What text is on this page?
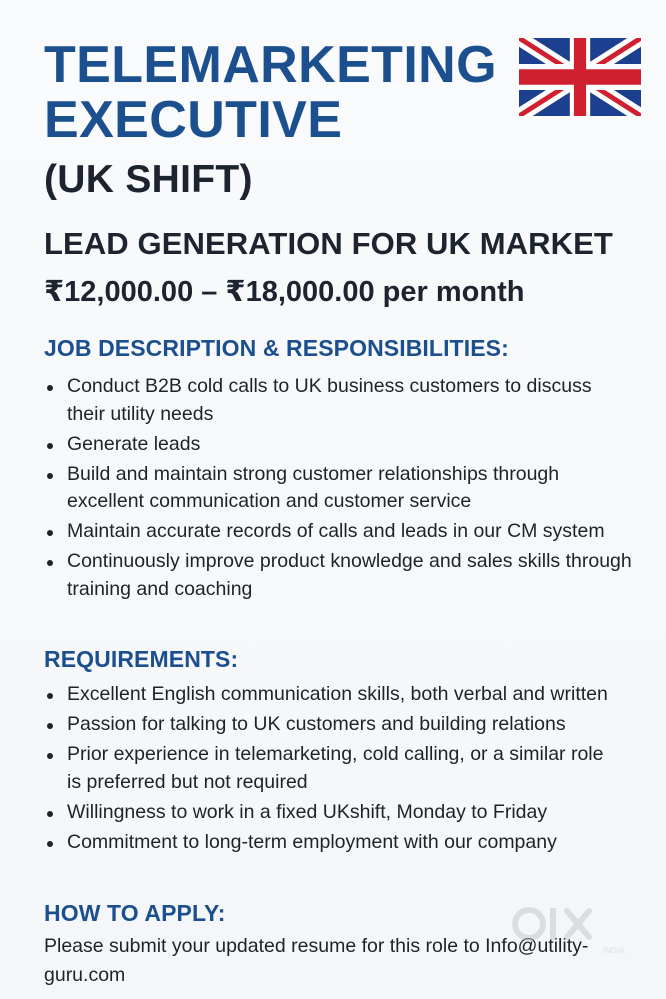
TELEMARKETING EXECUTIVE
(UK SHIFT)
LEAD GENERATION FOR UK MARKET

₹12,000.00 – ₹18,000.00 per month

JOB DESCRIPTION & RESPONSIBILITIES:
Conduct B2B cold calls to UK business customers to discuss their utility needs
Generate leads
Build and maintain strong customer relationships through excellent communication and customer service
Maintain accurate records of calls and leads in our CM system
Continuously improve product knowledge and sales skills through training and coaching
REQUIREMENTS:
Excellent English communication skills, both verbal and written
Passion for talking to UK customers and building relations
Prior experience in telemarketing, cold calling, or a similar role is preferred but not required
Willingness to work in a fixed UKshift, Monday to Friday
Commitment to long-term employment with our company
HOW TO APPLY:

Please submit your updated resume for this role to Info@utility-guru.com

INDIA
